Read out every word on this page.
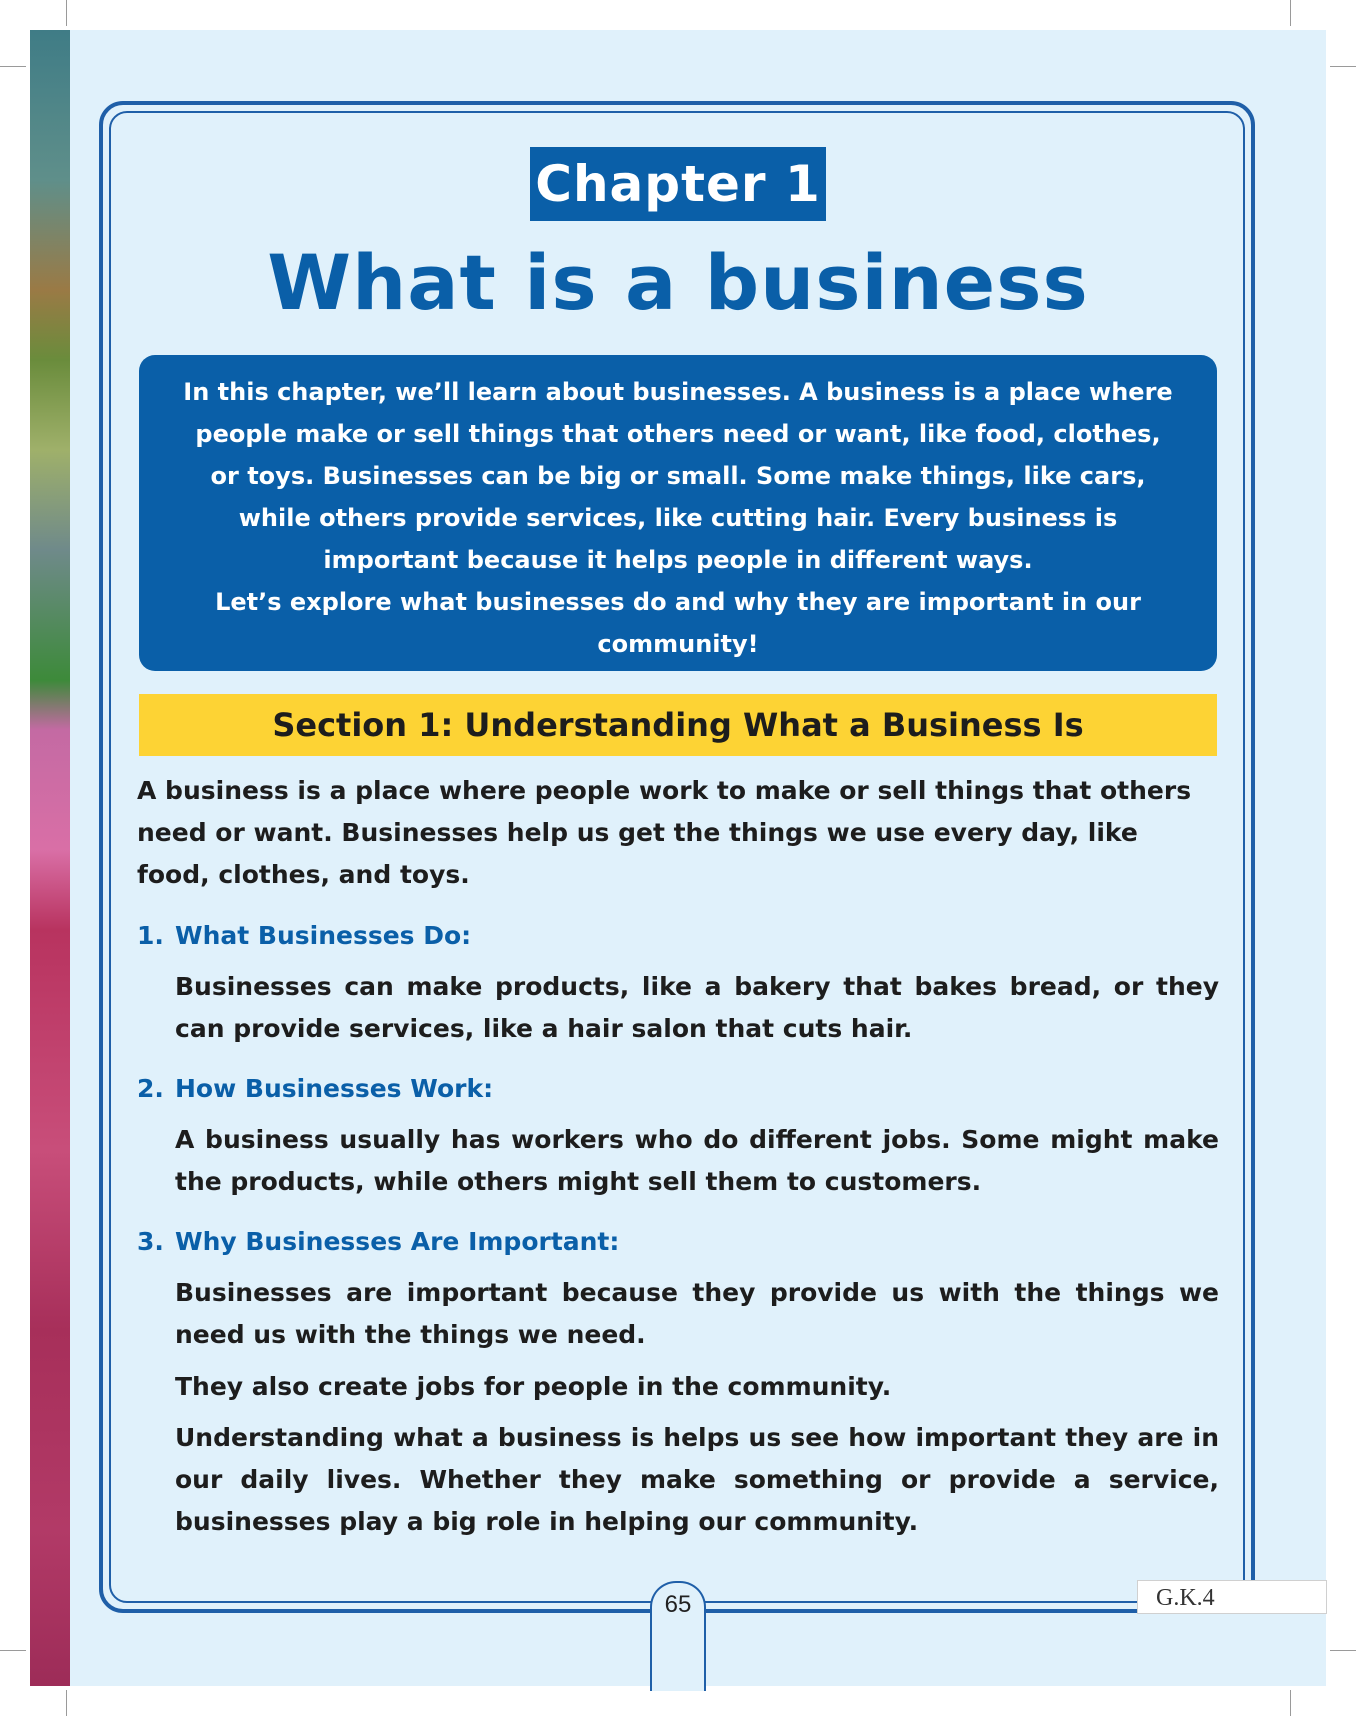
Chapter 1
What is a business

In this chapter, we’ll learn about businesses. A business is a place where people make or sell things that others need or want, like food, clothes, or toys. Businesses can be big or small. Some make things, like cars, while others provide services, like cutting hair. Every business is important because it helps people in different ways.

Let’s explore what businesses do and why they are important in our community!

Section 1: Understanding What a Business Is

A business is a place where people work to make or sell things that others need or want. Businesses help us get the things we use every day, like food, clothes, and toys.

1. What Businesses Do:

Businesses can make products, like a bakery that bakes bread, or they can provide services, like a hair salon that cuts hair.

2. How Businesses Work:

A business usually has workers who do different jobs. Some might make the products, while others might sell them to customers.

3. Why Businesses Are Important:

Businesses are important because they provide us with the things we need us with the things we need.

They also create jobs for people in the community.

Understanding what a business is helps us see how important they are in our daily lives. Whether they make something or provide a service, businesses play a big role in helping our community.

65	G.K.4
